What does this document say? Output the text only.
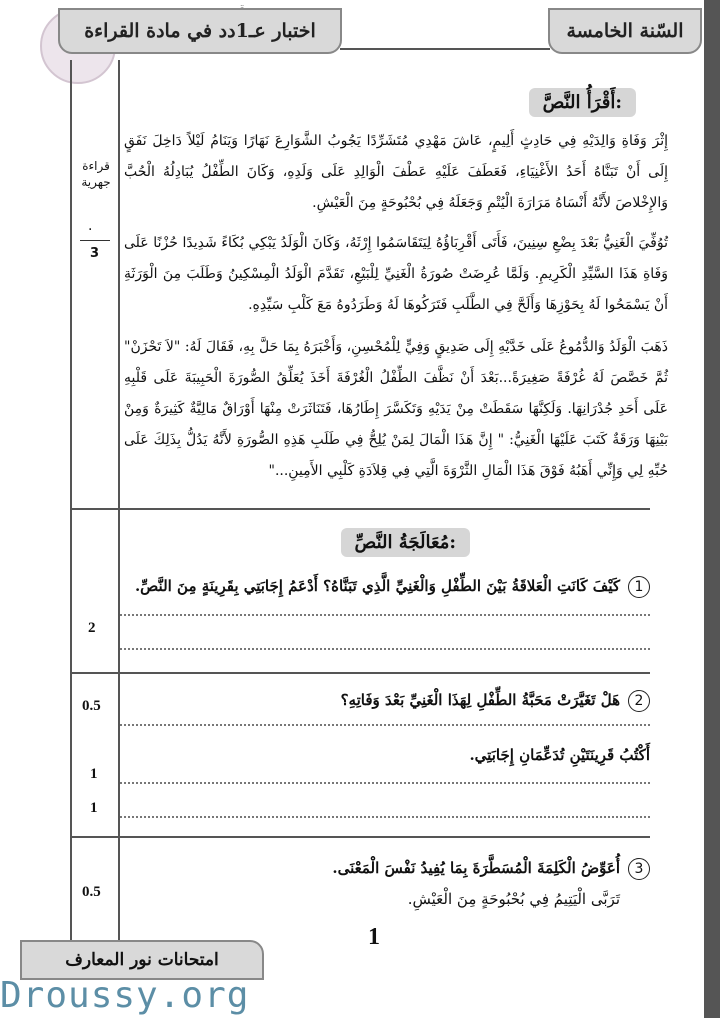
السّنة الخامسة
اختبار عـ1دد في مادة القراءة
أَقْرَأُ النَّصَّ:
قراءة جهرية
.
3
إِثْرَ وَفَاةِ وَالِدَيْهِ فِي حَادِثٍ أَلِيمٍ، عَاشَ مَهْدِي مُتَشَرِّدًا يَجُوبُ الشَّوَارِعَ نَهَارًا وَيَنَامُ لَيْلاً دَاخِلَ نَفَقٍ إِلَى أَنْ تَبَنَّاهُ أَحَدُ الأَغْنِيَاءِ، فَعَطَفَ عَلَيْهِ عَطْفَ الْوَالِدِ عَلَى وَلَدِهِ، وَكَانَ الطِّفْلُ يُبَادِلُهُ الْحُبَّ وَالإِخْلاصَ لأَنَّهُ أَنْسَاهُ مَرَارَةَ الْيُتْمِ وَجَعَلَهُ فِي بُحْبُوحَةٍ مِنَ الْعَيْشِ.
تُوُفِّيَ الْغَنِيُّ بَعْدَ بِضْعِ سِنِينَ، فَأَتَى أَقْرِبَاؤُهُ لِيَتَقَاسَمُوا إِرْثَهُ، وَكَانَ الْوَلَدُ يَبْكِي بُكَاءً شَدِيدًا حُزْنًا عَلَى وَفَاةِ هَذَا السَّيِّدِ الْكَرِيمِ. وَلَمَّا عُرِضَتْ صُورَةُ الْغَنِيِّ لِلْبَيْعِ، تَقَدَّمَ الْوَلَدُ الْمِسْكِينُ وَطَلَبَ مِنَ الْوَرَثَةِ أَنْ يَسْمَحُوا لَهُ بِحَوْزِهَا وَأَلَحَّ فِي الطَّلَبِ فَتَرَكُوهَا لَهُ وَطَرَدُوهُ مَعَ كَلْبِ سَيِّدِهِ.
ذَهَبَ الْوَلَدُ وَالدُّمُوعُ عَلَى خَدَّيْهِ إِلَى صَدِيقٍ وَفِيٍّ لِلْمُحْسِنِ، وَأَخْبَرَهُ بِمَا حَلَّ بِهِ، فَقَالَ لَهُ: "لاَ تَحْزَنْ" ثُمَّ خَصَّصَ لَهُ غُرْفَةً صَغِيرَةً...بَعْدَ أَنْ نَظَّفَ الطِّفْلُ الْغُرْفَةَ أَخَذَ يُعَلِّقُ الصُّورَةَ الْحَبِيبَةَ عَلَى قَلْبِهِ عَلَى أَحَدِ جُدْرَانِهَا. وَلَكِنَّهَا سَقَطَتْ مِنْ يَدَيْهِ وَتَكَسَّرَ إِطَارُهَا، فَتَنَاثَرَتْ مِنْهَا أَوْرَاقٌ مَالِيَّةٌ كَثِيرَةٌ وَمِنْ بَيْنِهَا وَرَقَةٌ كَتَبَ عَلَيْهَا الْغَنِيُّ: " إِنَّ هَذَا الْمَالَ لِمَنْ يُلِحُّ فِي طَلَبِ هَذِهِ الصُّورَةِ لأَنَّهُ يَدُلُّ بِذَلِكَ عَلَى حُبِّهِ لِي وَإِنِّي أَهَبُهُ فَوْقَ هَذَا الْمَالِ الثَّرْوَةَ الَّتِي فِي قِلاَدَةِ كَلْبِي الأَمِينِ..."
مُعَالَجَةُ النَّصِّ:
1كَيْفَ كَانَتِ الْعَلاقَةُ بَيْنَ الطِّفْلِ وَالْغَنِيِّ الَّذِي تَبَنَّاهُ؟ أَدْعَمُ إِجَابَتِي بِقَرِينَةٍ مِنَ النَّصِّ.
2
2هَلْ تَغَيَّرَتْ مَحَبَّةُ الطِّفْلِ لِهَذَا الْغَنِيِّ بَعْدَ وَفَاتِهِ؟
0.5
أَكْتُبُ قَرِينَتَيْنِ تُدَعِّمَانِ إِجَابَتِي.
1
1
3أُعَوِّضُ الْكَلِمَةَ الْمُسَطَّرَةَ بِمَا يُفِيدُ نَفْسَ الْمَعْنَى.
تَرَبَّى الْيَتِيمُ فِي بُحْبُوحَةٍ مِنَ الْعَيْشِ.
0.5
1
امتحانات نور المعارف
Droussy.org
